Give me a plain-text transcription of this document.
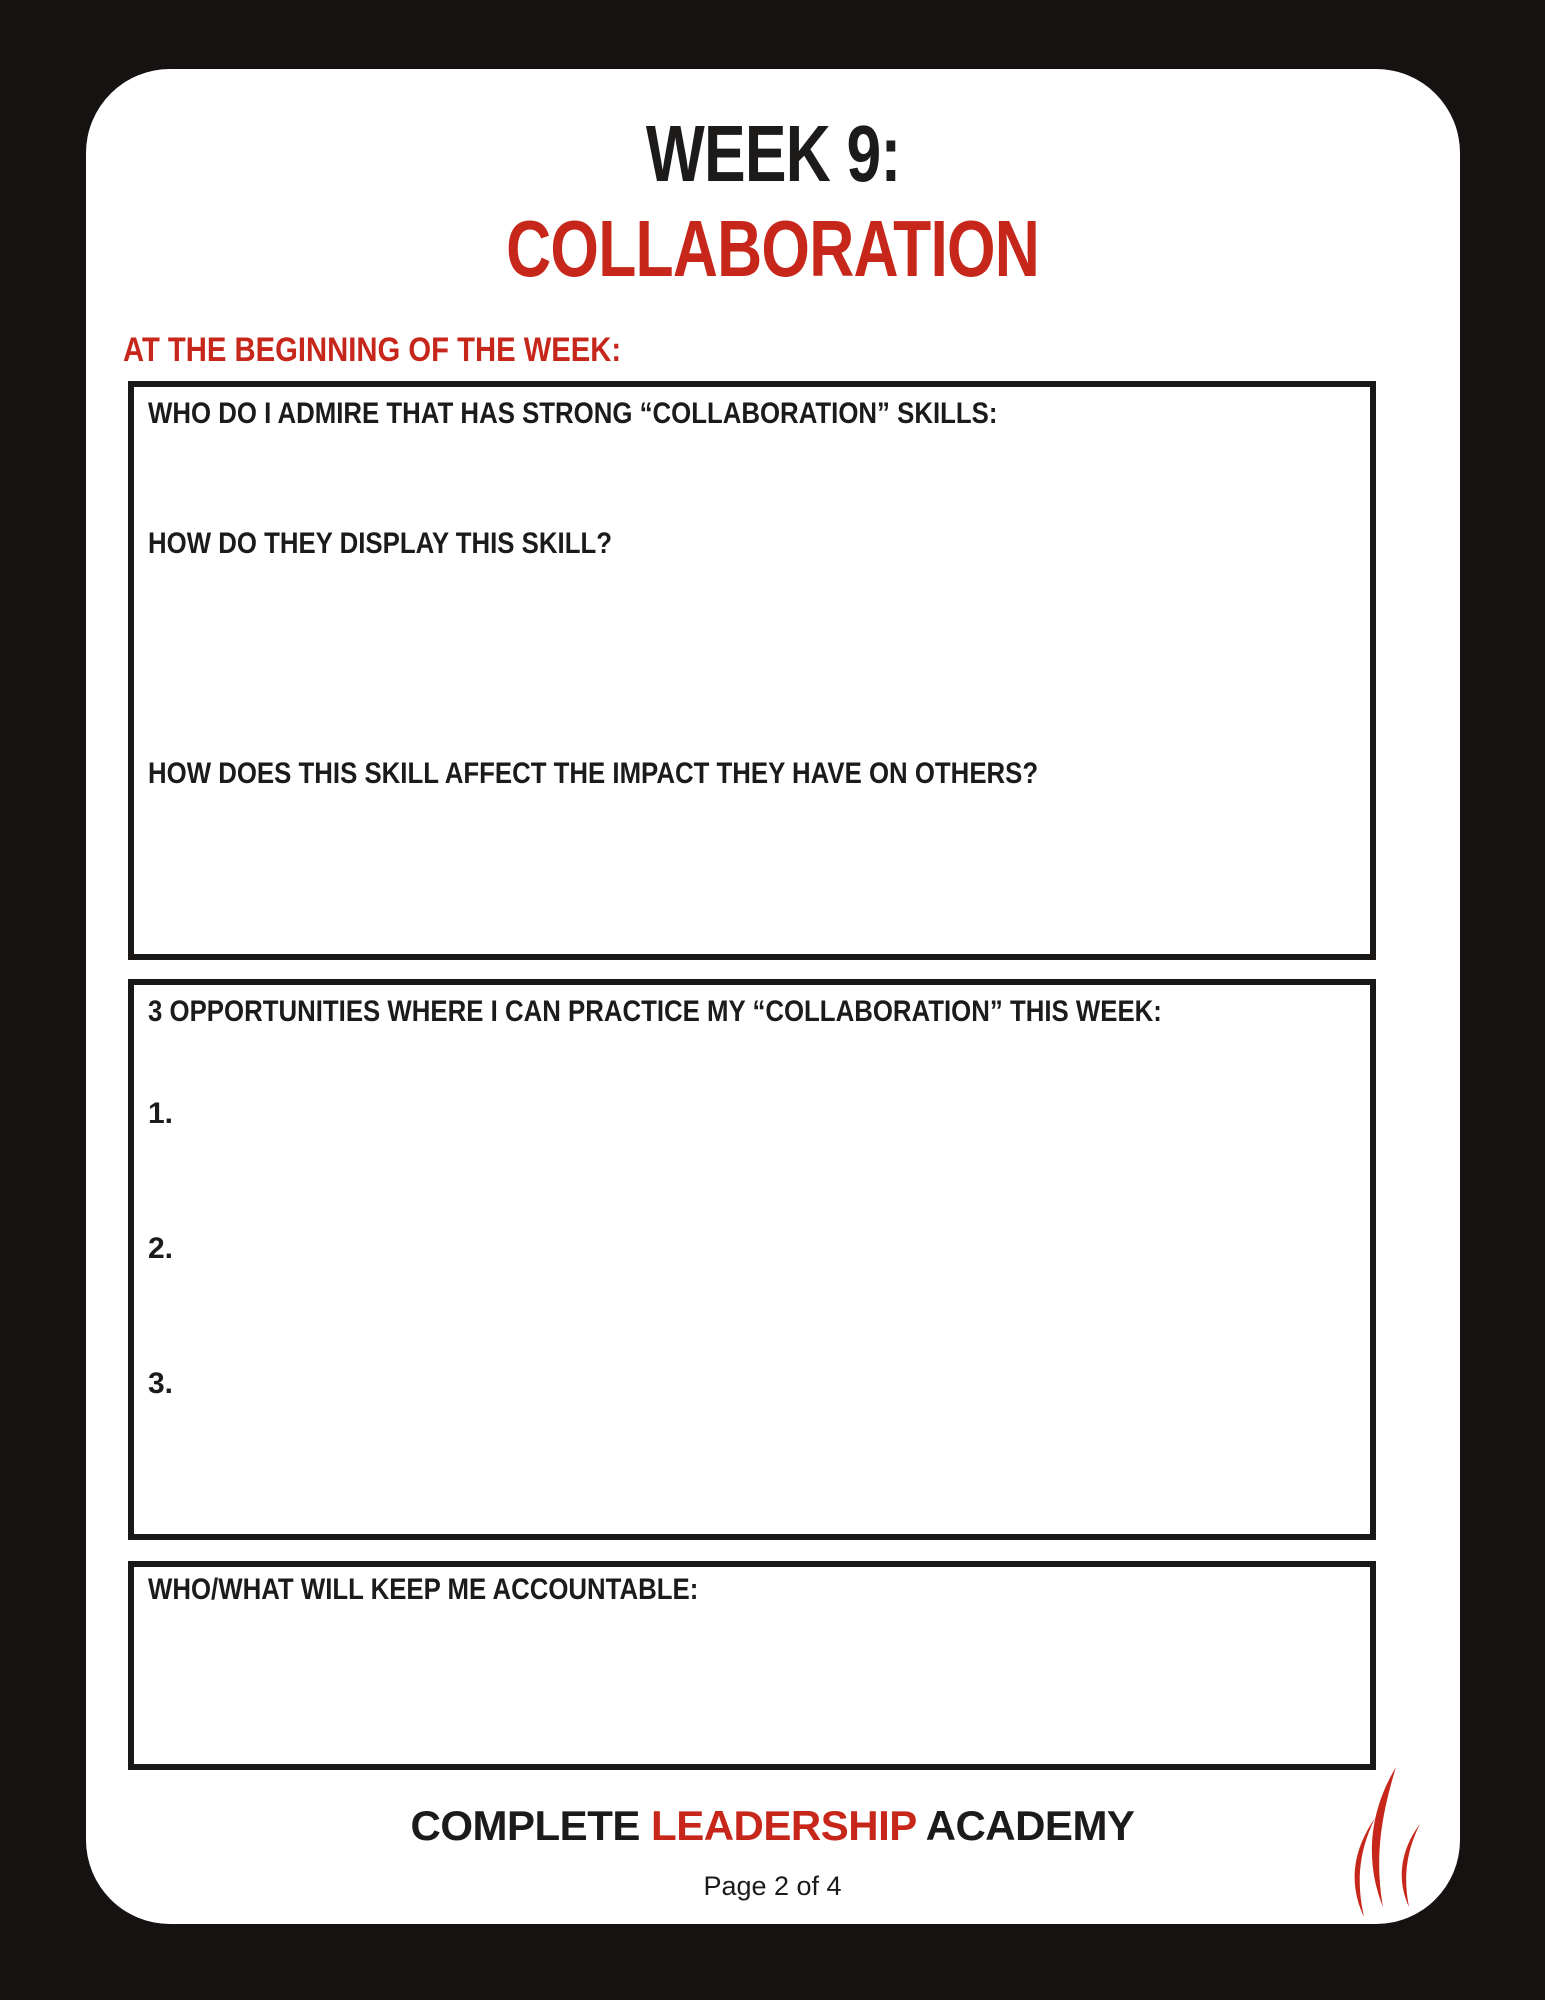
WEEK 9:
COLLABORATION
AT THE BEGINNING OF THE WEEK:
WHO DO I ADMIRE THAT HAS STRONG “COLLABORATION” SKILLS:
HOW DO THEY DISPLAY THIS SKILL?
HOW DOES THIS SKILL AFFECT THE IMPACT THEY HAVE ON OTHERS?
3 OPPORTUNITIES WHERE I CAN PRACTICE MY “COLLABORATION” THIS WEEK:
1.
2.
3.
WHO/WHAT WILL KEEP ME ACCOUNTABLE:
COMPLETE LEADERSHIP ACADEMY
Page 2 of 4
